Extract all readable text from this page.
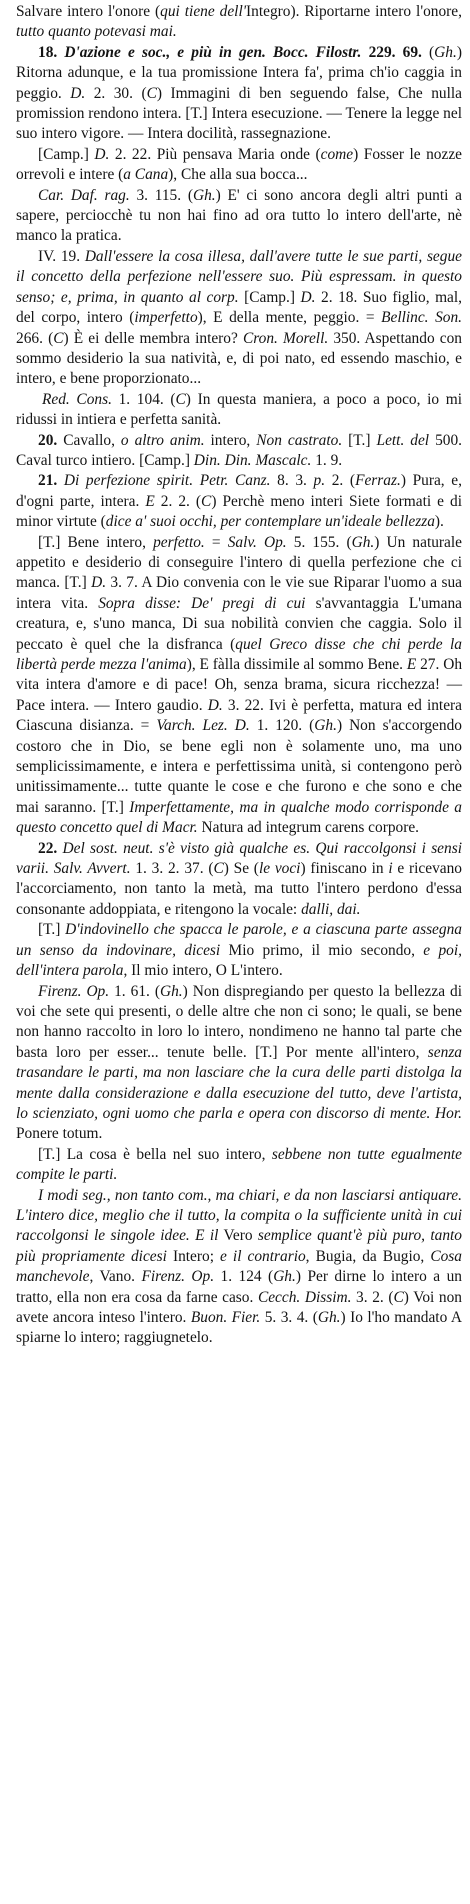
Salvare intero l'onore (qui tiene dell'Integro). Riportarne intero l'onore, tutto quanto potevasi mai.

18. D'azione e soc., e più in gen. Bocc. Filostr. 229. 69. (Gh.) Ritorna adunque, e la tua promissione Intera fa', prima ch'io caggia in peggio. D. 2. 30. (C) Immagini di ben seguendo false, Che nulla promission rendono intera. [T.] Intera esecuzione. — Tenere la legge nel suo intero vigore. — Intera docilità, rassegnazione.

[Camp.] D. 2. 22. Più pensava Maria onde (come) Fosser le nozze orrevoli e intere (a Cana), Che alla sua bocca...

Car. Daf. rag. 3. 115. (Gh.) E' ci sono ancora degli altri punti a sapere, perciocchè tu non hai fino ad ora tutto lo intero dell'arte, nè manco la pratica.

IV. 19. Dall'essere la cosa illesa, dall'avere tutte le sue parti, segue il concetto della perfezione nell'essere suo. Più espressam. in questo senso; e, prima, in quanto al corp. [Camp.] D. 2. 18. Suo figlio, mal, del corpo, intero (imperfetto), E della mente, peggio. = Bellinc. Son. 266. (C) È ei delle membra intero? Cron. Morell. 350. Aspettando con sommo desiderio la sua natività, e, di poi nato, ed essendo maschio, e intero, e bene proporzionato...

Red. Cons. 1. 104. (C) In questa maniera, a poco a poco, io mi ridussi in intiera e perfetta sanità.

20. Cavallo, o altro anim. intero, Non castrato. [T.] Lett. del 500. Caval turco intiero. [Camp.] Din. Din. Mascalc. 1. 9.

21. Di perfezione spirit. Petr. Canz. 8. 3. p. 2. (Ferraz.) Pura, e, d'ogni parte, intera. E 2. 2. (C) Perchè meno interi Siete formati e di minor virtute (dice a' suoi occhi, per contemplare un'ideale bellezza).

[T.] Bene intero, perfetto. = Salv. Op. 5. 155. (Gh.) Un naturale appetito e desiderio di conseguire l'intero di quella perfezione che ci manca. [T.] D. 3. 7. A Dio convenia con le vie sue Riparar l'uomo a sua intera vita. Sopra disse: De' pregi di cui s'avvantaggia L'umana creatura, e, s'uno manca, Di sua nobilità convien che caggia. Solo il peccato è quel che la disfranca (quel Greco disse che chi perde la libertà perde mezza l'anima), E fàlla dissimile al sommo Bene. E 27. Oh vita intera d'amore e di pace! Oh, senza brama, sicura ricchezza! — Pace intera. — Intero gaudio. D. 3. 22. Ivi è perfetta, matura ed intera Ciascuna disianza. = Varch. Lez. D. 1. 120. (Gh.) Non s'accorgendo costoro che in Dio, se bene egli non è solamente uno, ma uno semplicissimamente, e intera e perfettissima unità, si contengono però unitissimamente... tutte quante le cose e che furono e che sono e che mai saranno. [T.] Imperfettamente, ma in qualche modo corrisponde a questo concetto quel di Macr. Natura ad integrum carens corpore.

22. Del sost. neut. s'è visto già qualche es. Qui raccolgonsi i sensi varii. Salv. Avvert. 1. 3. 2. 37. (C) Se (le voci) finiscano in i e ricevano l'accorciamento, non tanto la metà, ma tutto l'intero perdono d'essa consonante addoppiata, e ritengono la vocale: dalli, dai.

[T.] D'indovinello che spacca le parole, e a ciascuna parte assegna un senso da indovinare, dicesi Mio primo, il mio secondo, e poi, dell'intera parola, Il mio intero, O L'intero.

Firenz. Op. 1. 61. (Gh.) Non dispregiando per questo la bellezza di voi che sete qui presenti, o delle altre che non ci sono; le quali, se bene non hanno raccolto in loro lo intero, nondimeno ne hanno tal parte che basta loro per esser... tenute belle. [T.] Por mente all'intero, senza trasandare le parti, ma non lasciare che la cura delle parti distolga la mente dalla considerazione e dalla esecuzione del tutto, deve l'artista, lo scienziato, ogni uomo che parla e opera con discorso di mente. Hor. Ponere totum.

[T.] La cosa è bella nel suo intero, sebbene non tutte egualmente compite le parti.

I modi seg., non tanto com., ma chiari, e da non lasciarsi antiquare. L'intero dice, meglio che il tutto, la compita o la sufficiente unità in cui raccolgonsi le singole idee. E il Vero semplice quant'è più puro, tanto più propriamente dicesi Intero; e il contrario, Bugia, da Bugio, Cosa manchevole, Vano. Firenz. Op. 1. 124 (Gh.) Per dirne lo intero a un tratto, ella non era cosa da farne caso. Cecch. Dissim. 3. 2. (C) Voi non avete ancora inteso l'intero. Buon. Fier. 5. 3. 4. (Gh.) Io l'ho mandato A spiarne lo intero; raggiugnetelo.
